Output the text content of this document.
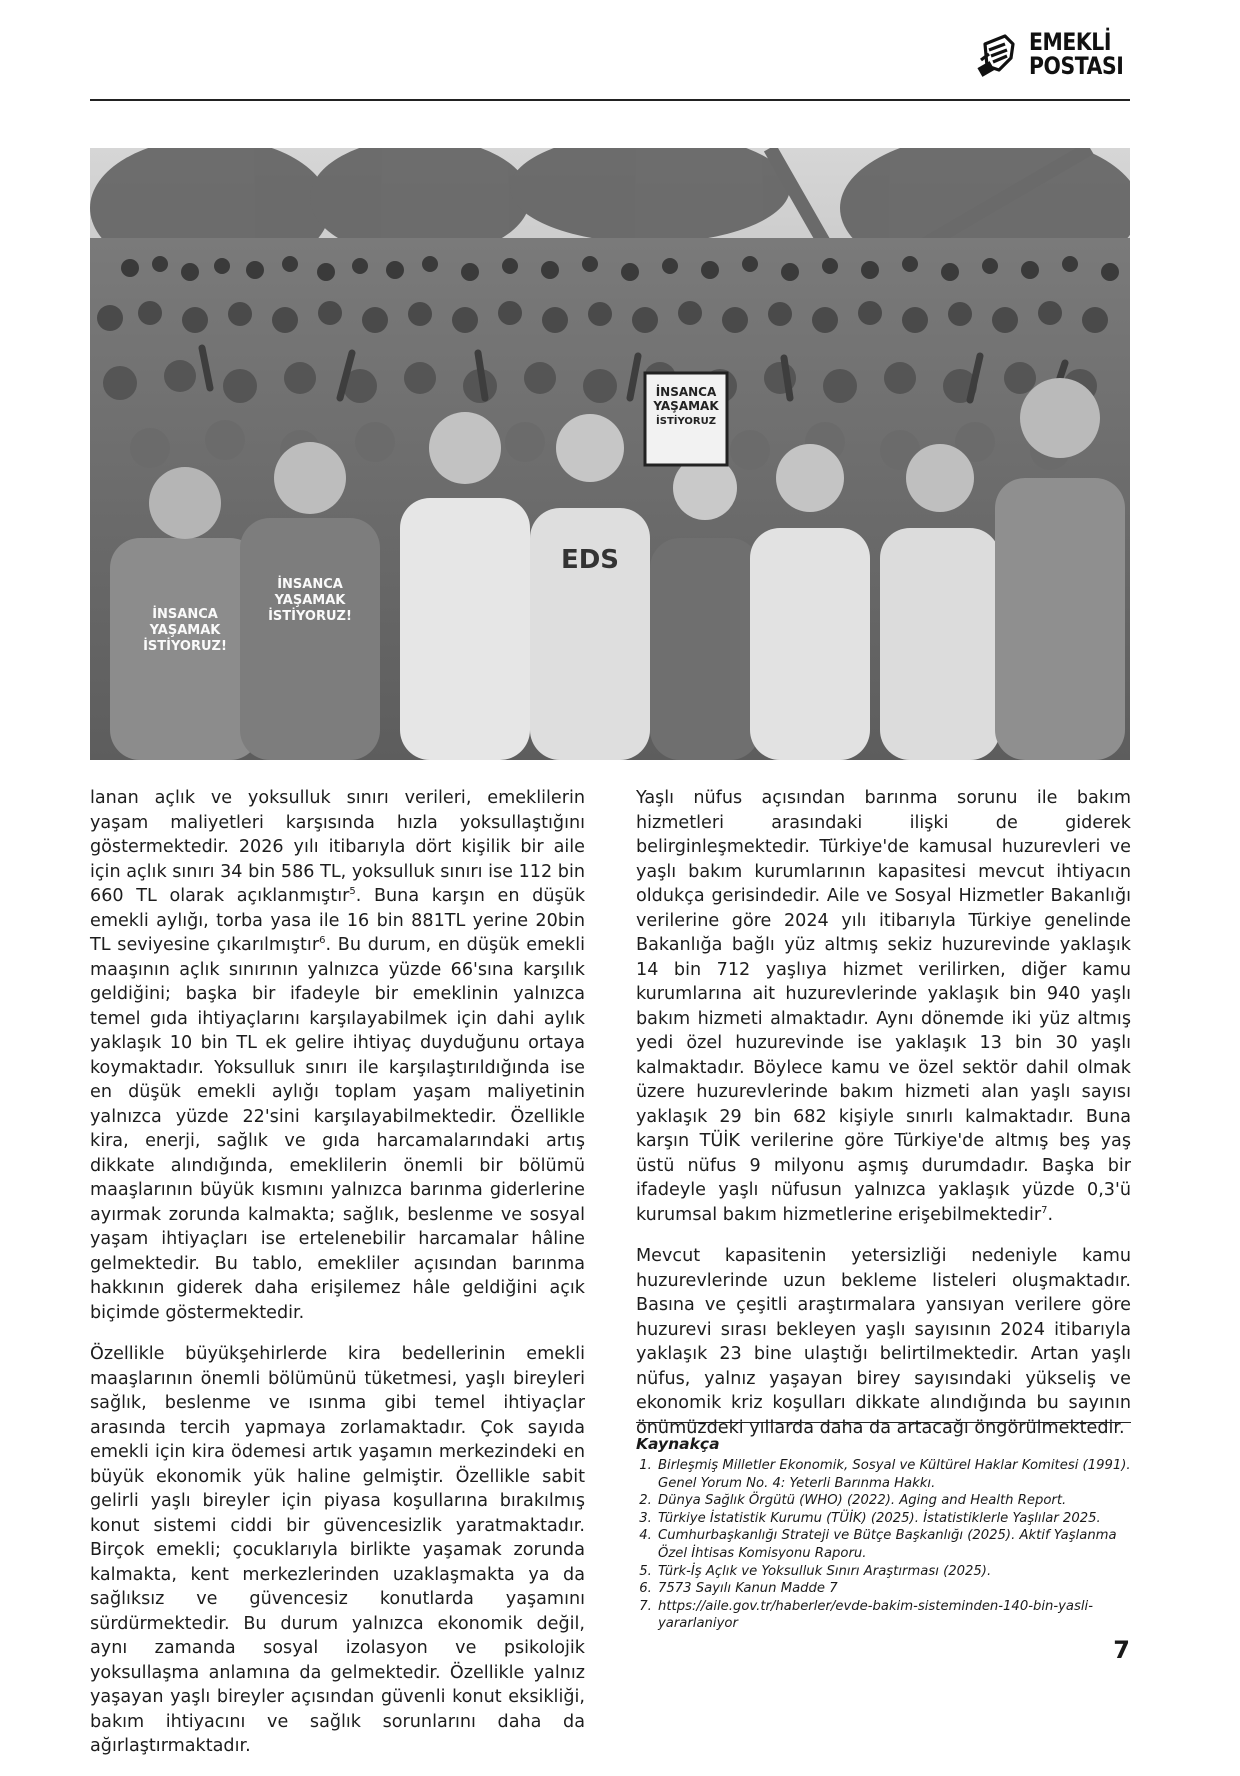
EMEKLİ
POSTASI
İNSANCA
YAŞAMAK
İSTİYORUZ
İNSANCA
YAŞAMAK
İSTİYORUZ!
İNSANCA
YAŞAMAK
İSTİYORUZ!
EDS

lanan açlık ve yoksulluk sınırı verileri, emeklilerin yaşam maliyetleri karşısında hızla yoksullaştığını göstermektedir. 2026 yılı itibarıyla dört kişilik bir aile için açlık sınırı 34 bin 586 TL, yoksulluk sınırı ise 112 bin 660 TL olarak açıklanmıştır$^5$. Buna karşın en düşük emekli aylığı, torba yasa ile 16 bin 881TL yerine 20bin TL seviyesine çıkarılmıştır$^6$. Bu durum, en düşük emekli maaşının açlık sınırının yalnızca yüzde 66'sına karşılık geldiğini; başka bir ifadeyle bir emeklinin yalnızca temel gıda ihtiyaçlarını karşılayabilmek için dahi aylık yaklaşık 10 bin TL ek gelire ihtiyaç duyduğunu ortaya koymaktadır. Yoksulluk sınırı ile karşılaştırıldığında ise en düşük emekli aylığı toplam yaşam maliyetinin yalnızca yüzde 22'sini karşılayabilmektedir. Özellikle kira, enerji, sağlık ve gıda harcamalarındaki artış dikkate alındığında, emeklilerin önemli bir bölümü maaşlarının büyük kısmını yalnızca barınma giderlerine ayırmak zorunda kalmakta; sağlık, beslenme ve sosyal yaşam ihtiyaçları ise ertelenebilir harcamalar hâline gelmektedir. Bu tablo, emekliler açısından barınma hakkının giderek daha erişilemez hâle geldiğini açık biçimde göstermektedir.

Özellikle büyükşehirlerde kira bedellerinin emekli maaşlarının önemli bölümünü tüketmesi, yaşlı bireyleri sağlık, beslenme ve ısınma gibi temel ihtiyaçlar arasında tercih yapmaya zorlamaktadır. Çok sayıda emekli için kira ödemesi artık yaşamın merkezindeki en büyük ekonomik yük haline gelmiştir. Özellikle sabit gelirli yaşlı bireyler için piyasa koşullarına bırakılmış konut sistemi ciddi bir güvencesizlik yaratmaktadır. Birçok emekli; çocuklarıyla birlikte yaşamak zorunda kalmakta, kent merkezlerinden uzaklaşmakta ya da sağlıksız ve güvencesiz konutlarda yaşamını sürdürmektedir. Bu durum yalnızca ekonomik değil, aynı zamanda sosyal izolasyon ve psikolojik yoksullaşma anlamına da gelmektedir. Özellikle yalnız yaşayan yaşlı bireyler açısından güvenli konut eksikliği, bakım ihtiyacını ve sağlık sorunlarını daha da ağırlaştırmaktadır.

Yaşlı nüfus açısından barınma sorunu ile bakım hizmetleri arasındaki ilişki de giderek belirginleşmektedir. Türkiye'de kamusal huzurevleri ve yaşlı bakım kurumlarının kapasitesi mevcut ihtiyacın oldukça gerisindedir. Aile ve Sosyal Hizmetler Bakanlığı verilerine göre 2024 yılı itibarıyla Türkiye genelinde Bakanlığa bağlı yüz altmış sekiz huzurevinde yaklaşık 14 bin 712 yaşlıya hizmet verilirken, diğer kamu kurumlarına ait huzurevlerinde yaklaşık bin 940 yaşlı bakım hizmeti almaktadır. Aynı dönemde iki yüz altmış yedi özel huzurevinde ise yaklaşık 13 bin 30 yaşlı kalmaktadır. Böylece kamu ve özel sektör dahil olmak üzere huzurevlerinde bakım hizmeti alan yaşlı sayısı yaklaşık 29 bin 682 kişiyle sınırlı kalmaktadır. Buna karşın TÜİK verilerine göre Türkiye'de altmış beş yaş üstü nüfus 9 milyonu aşmış durumdadır. Başka bir ifadeyle yaşlı nüfusun yalnızca yaklaşık yüzde 0,3'ü kurumsal bakım hizmetlerine erişebilmektedir$^7$.

Mevcut kapasitenin yetersizliği nedeniyle kamu huzurevlerinde uzun bekleme listeleri oluşmaktadır. Basına ve çeşitli araştırmalara yansıyan verilere göre huzurevi sırası bekleyen yaşlı sayısının 2024 itibarıyla yaklaşık 23 bine ulaştığı belirtilmektedir. Artan yaşlı nüfus, yalnız yaşayan birey sayısındaki yükseliş ve ekonomik kriz koşulları dikkate alındığında bu sayının önümüzdeki yıllarda daha da artacağı öngörülmektedir.

Kaynakça
1. Birleşmiş Milletler Ekonomik, Sosyal ve Kültürel Haklar Komitesi (1991).
Genel Yorum No. 4: Yeterli Barınma Hakkı.
2. Dünya Sağlık Örgütü (WHO) (2022). Aging and Health Report.
3. Türkiye İstatistik Kurumu (TÜİK) (2025). İstatistiklerle Yaşlılar 2025.
4. Cumhurbaşkanlığı Strateji ve Bütçe Başkanlığı (2025). Aktif Yaşlanma Özel İhtisas Komisyonu Raporu.
5. Türk-İş Açlık ve Yoksulluk Sınırı Araştırması (2025).
6. 7573 Sayılı Kanun Madde 7
7. https://aile.gov.tr/haberler/evde-bakim-sisteminden-140-bin-yasli-yararlaniyor
7
